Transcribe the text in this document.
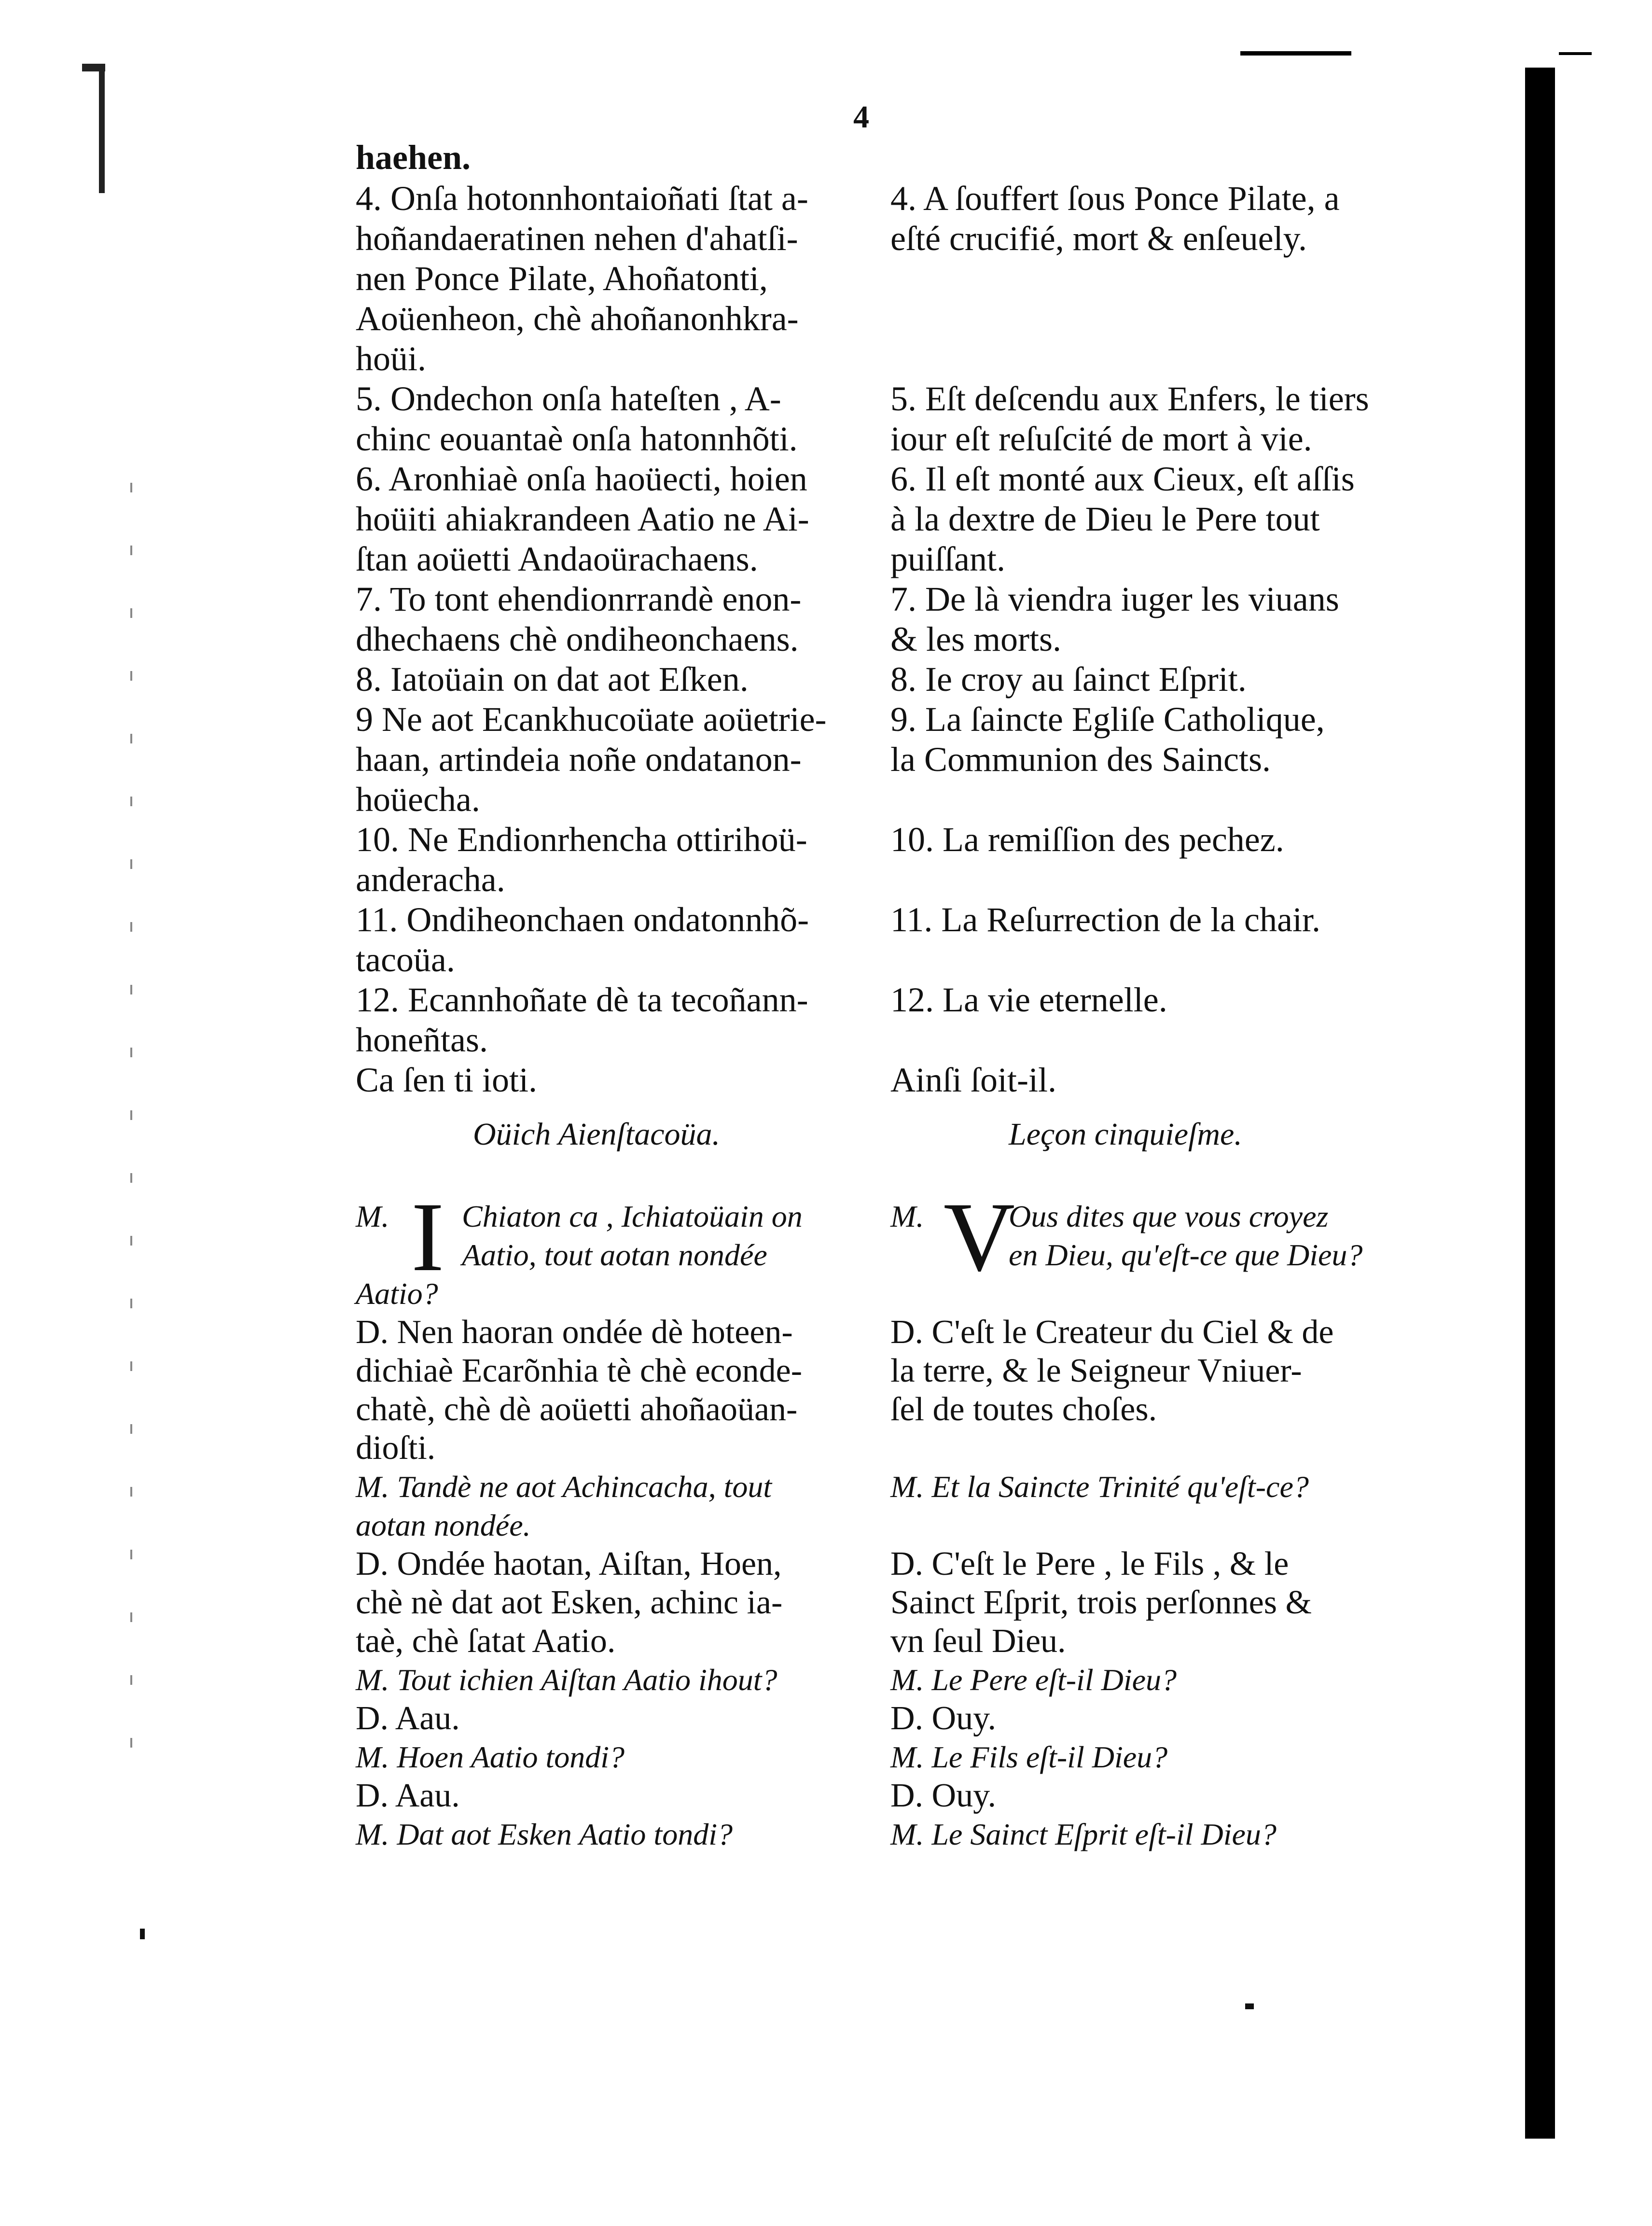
4
haehen.
4. Onſa hotonnhontaioñati ſtat a-
hoñandaeratinen nehen d'ahatſi-
nen Ponce Pilate, Ahoñatonti,
Aoüenheon, chè ahoñanonhkra-
hoüi.
5. Ondechon onſa hateſten , A-
chinc eouantaè onſa hatonnhõti.
6. Aronhiaè onſa haoüecti, hoien
hoüiti ahiakrandeen Aatio ne Ai-
ſtan aoüetti Andaoürachaens.
7. To tont ehendionrrandè enon-
dhechaens chè ondiheonchaens.
8. Iatoüain on dat aot Eſken.
9 Ne aot Ecankhucoüate aoüetrie-
haan, artindeia noñe ondatanon-
hoüecha.
10. Ne Endionrhencha ottirihoü-
anderacha.
11. Ondiheonchaen ondatonnhõ-
tacoüa.
12. Ecannhoñate dè ta tecoñann-
honeñtas.
Ca ſen ti ioti.
4. A ſouffert ſous Ponce Pilate, a
eſté crucifié, mort & enſeuely.
5. Eſt deſcendu aux Enfers, le tiers
iour eſt reſuſcité de mort à vie.
6. Il eſt monté aux Cieux, eſt aſſis
à la dextre de Dieu le Pere tout
puiſſant.
7. De là viendra iuger les viuans
& les morts.
8. Ie croy au ſainct Eſprit.
9. La ſaincte Egliſe Catholique,
la Communion des Saincts.
10. La remiſſion des pechez.
11. La Reſurrection de la chair.
12. La vie eternelle.
Ainſi ſoit-il.
Oüich Aienſtacoüa.	Leçon cinquieſme.
M. I Chiaton ca , Ichiatoüain on
Aatio, tout aotan nondée
Aatio?
D. Nen haoran ondée dè hoteen-
dichiaè Ecarõnhia tè chè econde-
chatè, chè dè aoüetti ahoñaoüan-
dioſti.
M. Tandè ne aot Achincacha, tout
aotan nondée.
D. Ondée haotan, Aiſtan, Hoen,
chè nè dat aot Esken, achinc ia-
taè, chè ſatat Aatio.
M. Tout ichien Aiſtan Aatio ihout?
D. Aau.
M. Hoen Aatio tondi?
D. Aau.
M. Dat aot Esken Aatio tondi?
M. V
Ous dites que vous croyez
en Dieu, qu'eſt-ce que Dieu?
D. C'eſt le Createur du Ciel & de
la terre, & le Seigneur Vniuer-
ſel de toutes choſes.
M. Et la Saincte Trinité qu'eſt-ce?
D. C'eſt le Pere , le Fils , & le
Sainct Eſprit, trois perſonnes &
vn ſeul Dieu.
M. Le Pere eſt-il Dieu?
D. Ouy.
M. Le Fils eſt-il Dieu?
D. Ouy.
M. Le Sainct Eſprit eſt-il Dieu?
